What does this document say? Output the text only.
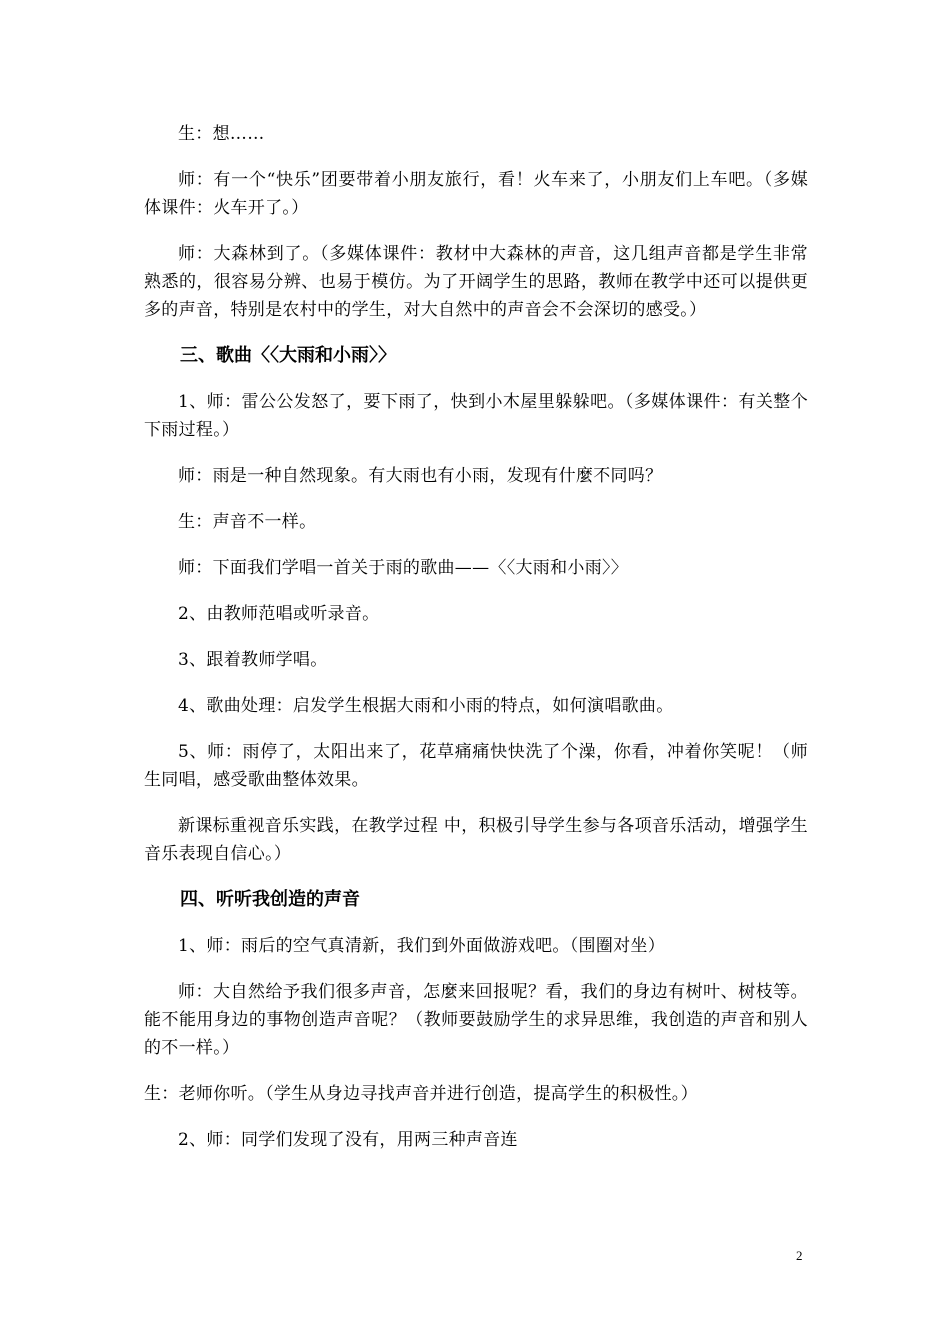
生：想……

师：有一个“快乐”团要带着小朋友旅行，看！火车来了，小朋友们上车吧。（多媒体课件：火车开了。）

师：大森林到了。（多媒体课件：教材中大森林的声音，这几组声音都是学生非常熟悉的，很容易分辨、也易于模仿。为了开阔学生的思路，教师在教学中还可以提供更多的声音，特别是农村中的学生，对大自然中的声音会不会深切的感受。）

三、歌曲〈〈大雨和小雨〉〉

1、师：雷公公发怒了，要下雨了，快到小木屋里躲躲吧。（多媒体课件：有关整个下雨过程。）

师：雨是一种自然现象。有大雨也有小雨，发现有什麼不同吗？

生：声音不一样。

师：下面我们学唱一首关于雨的歌曲——〈〈大雨和小雨〉〉

2、由教师范唱或听录音。

3、跟着教师学唱。

4、歌曲处理：启发学生根据大雨和小雨的特点，如何演唱歌曲。

5、师：雨停了，太阳出来了，花草痛痛快快洗了个澡，你看，冲着你笑呢！（师生同唱，感受歌曲整体效果。

新课标重视音乐实践，在教学过程 中，积极引导学生参与各项音乐活动，增强学生音乐表现自信心。）

四、听听我创造的声音

1、师：雨后的空气真清新，我们到外面做游戏吧。（围圈对坐）

师：大自然给予我们很多声音，怎麼来回报呢？看，我们的身边有树叶、树枝等。能不能用身边的事物创造声音呢？（教师要鼓励学生的求异思维，我创造的声音和别人的不一样。）

生：老师你听。（学生从身边寻找声音并进行创造，提高学生的积极性。）

2、师：同学们发现了没有，用两三种声音连

2
